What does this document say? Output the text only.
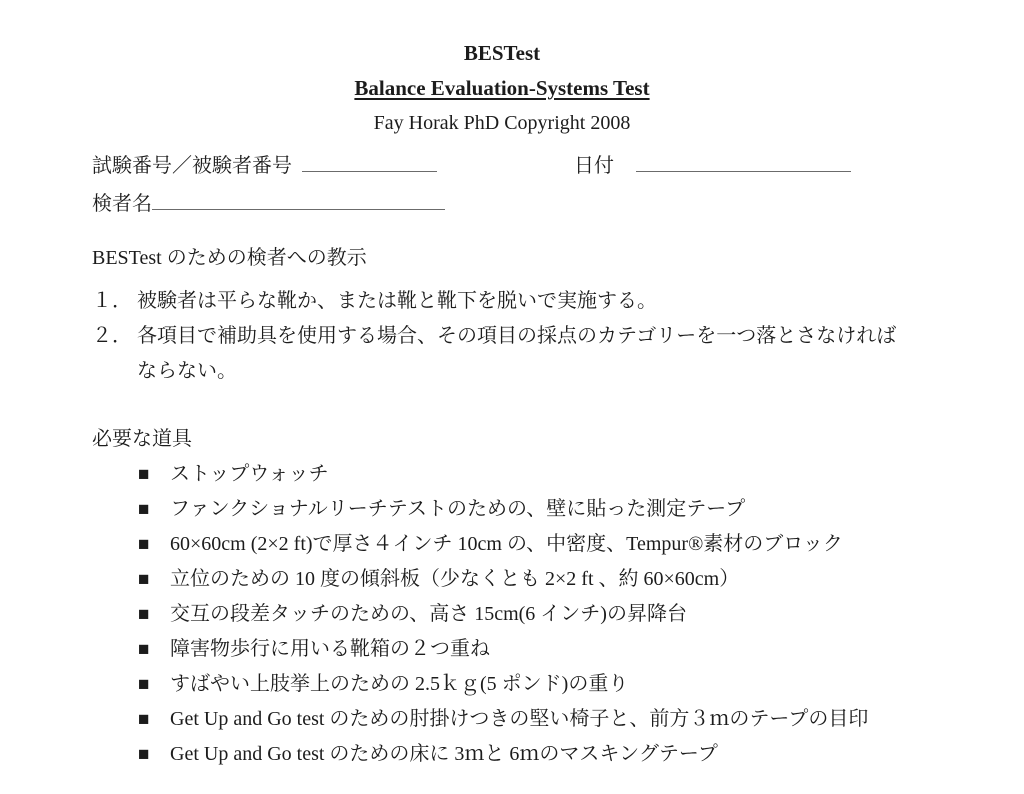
BESTest
Balance Evaluation-Systems Test
Fay Horak PhD Copyright 2008
試験番号／被験者番号	日付
検者名
BESTest のための検者への教示
１． 被験者は平らな靴か、または靴と靴下を脱いで実施する。
２． 各項目で補助具を使用する場合、その項目の採点のカテゴリーを一つ落とさなければならない。
必要な道具
■ ストップウォッチ
■ ファンクショナルリーチテストのための、壁に貼った測定テープ
■ 60×60cm (2×2 ft)で厚さ４インチ 10cm の、中密度、Tempur®素材のブロック
■ 立位のための 10 度の傾斜板（少なくとも 2×2 ft 、約 60×60cm）
■ 交互の段差タッチのための、高さ 15cm(6 インチ)の昇降台
■ 障害物歩行に用いる靴箱の２つ重ね
■ すばやい上肢挙上のための 2.5ｋｇ(5 ポンド)の重り
■ Get Up and Go test のための肘掛けつきの堅い椅子と、前方３ｍのテープの目印
■ Get Up and Go test のための床に 3ｍと 6ｍのマスキングテープ
